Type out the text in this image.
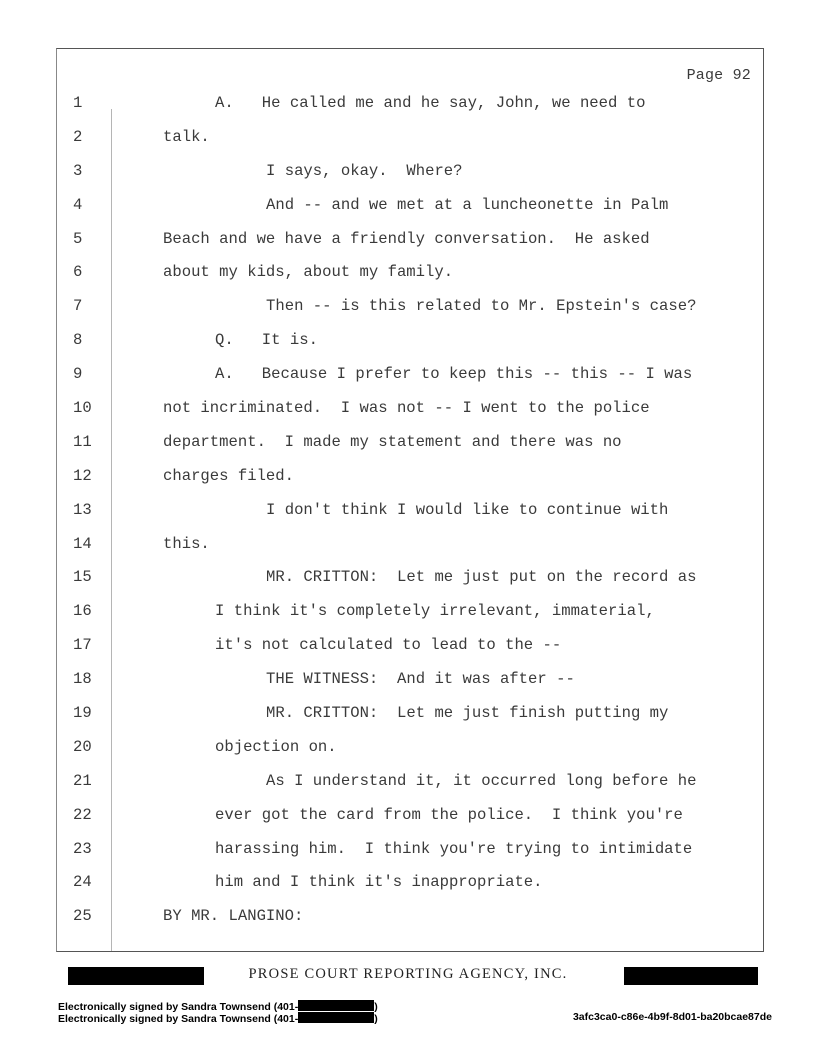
Page 92
1	A.   He called me and he say, John, we need to
2	talk.
3	I says, okay.  Where?
4	And -- and we met at a luncheonette in Palm
5	Beach and we have a friendly conversation.  He asked
6	about my kids, about my family.
7	Then -- is this related to Mr. Epstein's case?
8	Q.   It is.
9	A.   Because I prefer to keep this -- this -- I was
10	not incriminated.  I was not -- I went to the police
11	department.  I made my statement and there was no
12	charges filed.
13	I don't think I would like to continue with
14	this.
15	MR. CRITTON:  Let me just put on the record as
16	I think it's completely irrelevant, immaterial,
17	it's not calculated to lead to the --
18	THE WITNESS:  And it was after --
19	MR. CRITTON:  Let me just finish putting my
20	objection on.
21	As I understand it, it occurred long before he
22	ever got the card from the police.  I think you're
23	harassing him.  I think you're trying to intimidate
24	him and I think it's inappropriate.
25	BY MR. LANGINO:
PROSE COURT REPORTING AGENCY, INC.
Electronically signed by Sandra Townsend (401-	)
Electronically signed by Sandra Townsend (401-	)	3afc3ca0-c86e-4b9f-8d01-ba20bcae87de
